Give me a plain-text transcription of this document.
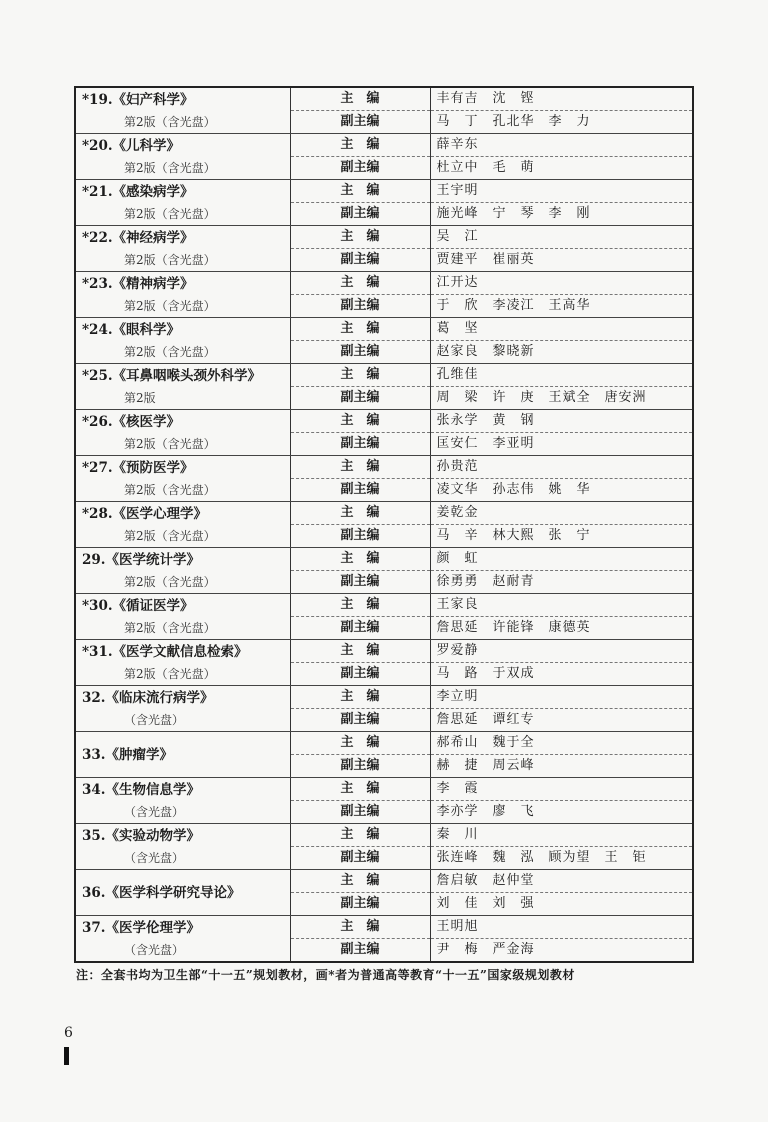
*19.《妇产科学》
第2版（含光盘）	主　编	丰有吉　沈　铿
	副主编	马　丁　孔北华　李　力

*20.《儿科学》
第2版（含光盘）	主　编	薛辛东
	副主编	杜立中　毛　萌

*21.《感染病学》
第2版（含光盘）	主　编	王宇明
	副主编	施光峰　宁　琴　李　刚

*22.《神经病学》
第2版（含光盘）	主　编	吴　江
	副主编	贾建平　崔丽英

*23.《精神病学》
第2版（含光盘）	主　编	江开达
	副主编	于　欣　李凌江　王高华

*24.《眼科学》
第2版（含光盘）	主　编	葛　坚
	副主编	赵家良　黎晓新

*25.《耳鼻咽喉头颈外科学》
第2版	主　编	孔维佳
	副主编	周　梁　许　庚　王斌全　唐安洲

*26.《核医学》
第2版（含光盘）	主　编	张永学　黄　钢
	副主编	匡安仁　李亚明

*27.《预防医学》
第2版（含光盘）	主　编	孙贵范
	副主编	凌文华　孙志伟　姚　华

*28.《医学心理学》
第2版（含光盘）	主　编	姜乾金
	副主编	马　辛　林大熙　张　宁

29.《医学统计学》
第2版（含光盘）	主　编	颜　虹
	副主编	徐勇勇　赵耐青

*30.《循证医学》
第2版（含光盘）	主　编	王家良
	副主编	詹思延　许能锋　康德英

*31.《医学文献信息检索》
第2版（含光盘）	主　编	罗爱静
	副主编	马　路　于双成

32.《临床流行病学》
（含光盘）	主　编	李立明
	副主编	詹思延　谭红专

33.《肿瘤学》	主　编	郝希山　魏于全
	副主编	赫　捷　周云峰

34.《生物信息学》
（含光盘）	主　编	李　霞
	副主编	李亦学　廖　飞

35.《实验动物学》
（含光盘）	主　编	秦　川
	副主编	张连峰　魏　泓　顾为望　王　钜

36.《医学科学研究导论》	主　编	詹启敏　赵仲堂
	副主编	刘　佳　刘　强

37.《医学伦理学》
（含光盘）	主　编	王明旭
	副主编	尹　梅　严金海
注：全套书均为卫生部“十一五”规划教材，画*者为普通高等教育“十一五”国家级规划教材
6
